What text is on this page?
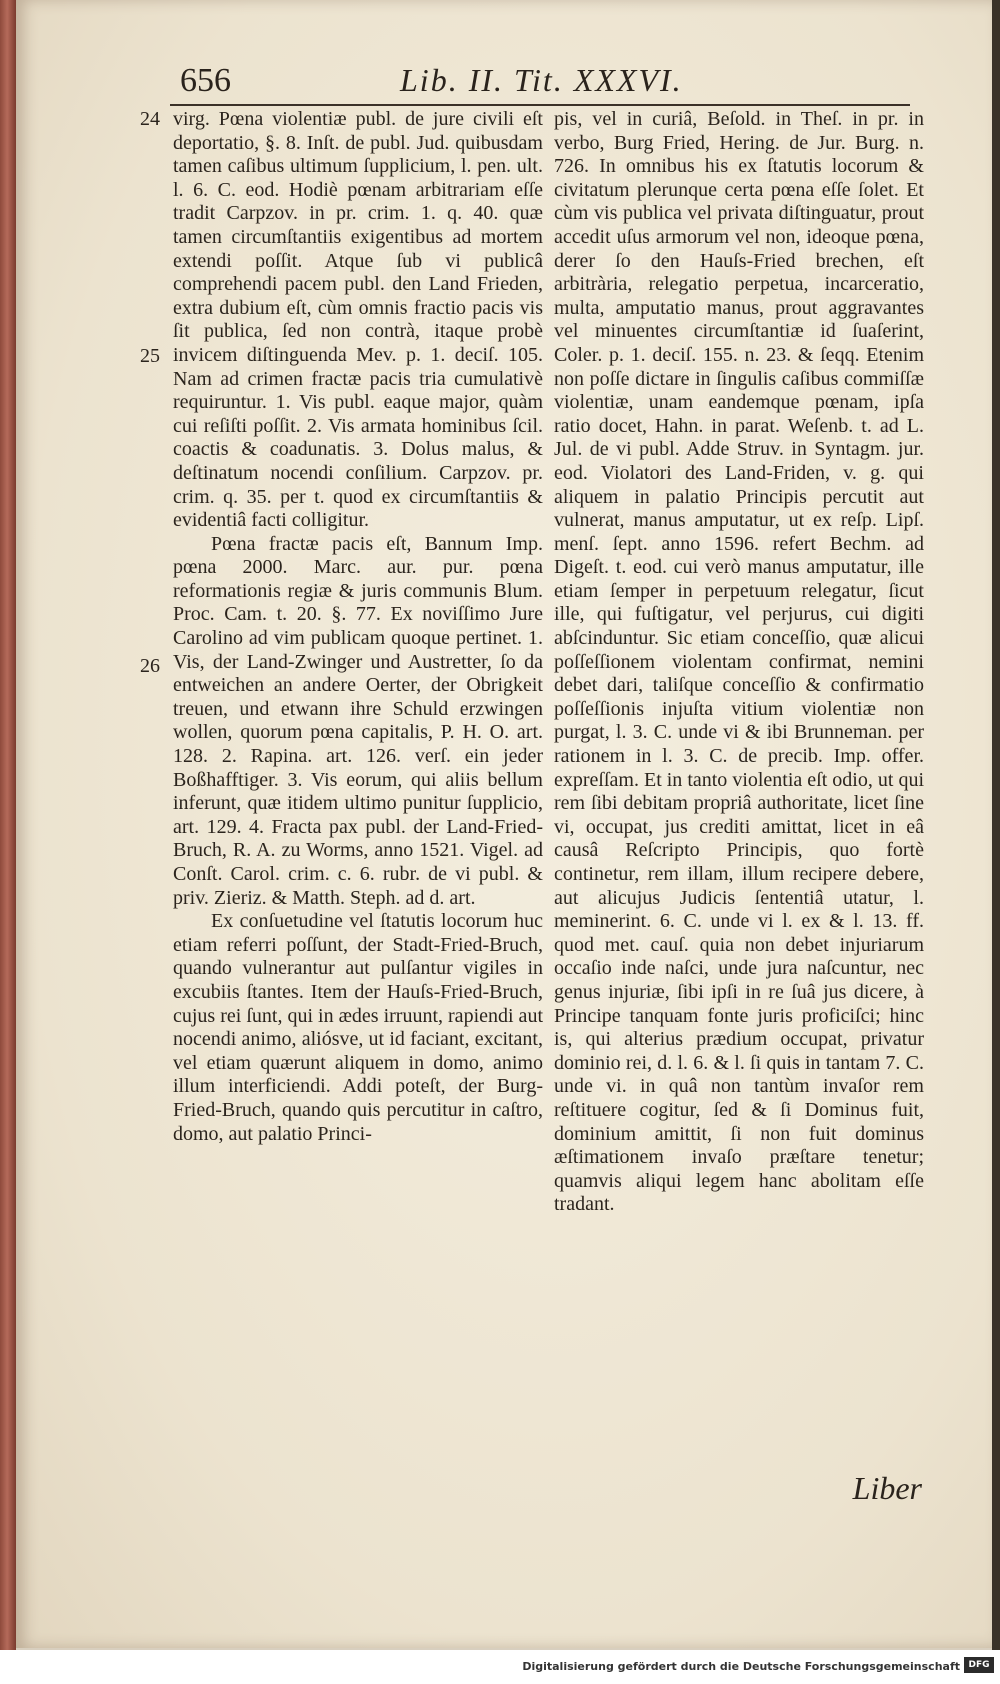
656	Lib. II. Tit. XXXVI.
24
25
26

virg. Pœna violentiæ publ. de jure civili eſt deportatio, §. 8. Inſt. de publ. Jud. quibusdam tamen caſibus ultimum ſupplicium, l. pen. ult. l. 6. C. eod. Hodiè pœnam arbitrariam eſſe tradit Carpzov. in pr. crim. 1. q. 40. quæ tamen circumſtantiis exigentibus ad mortem extendi poſſit. Atque ſub vi publicâ comprehendi pacem publ. den Land Frieden, extra dubium eſt, cùm omnis fractio pacis vis ſit publica, ſed non contrà, itaque probè invicem diſtinguenda Mev. p. 1. deciſ. 105. Nam ad crimen fractæ pacis tria cumulativè requiruntur. 1. Vis publ. eaque major, quàm cui reſiſti poſſit. 2. Vis armata hominibus ſcil. coactis & coadunatis. 3. Dolus malus, & deſtinatum nocendi conſilium. Carpzov. pr. crim. q. 35. per t. quod ex circumſtantiis & evidentiâ facti colligitur.

Pœna fractæ pacis eſt, Bannum Imp. pœna 2000. Marc. aur. pur. pœna reformationis regiæ & juris communis Blum. Proc. Cam. t. 20. §. 77. Ex noviſſimo Jure Carolino ad vim publicam quoque pertinet. 1. Vis, der Land-Zwinger und Austretter, ſo da entweichen an andere Oerter, der Obrigkeit treuen, und etwann ihre Schuld erzwingen wollen, quorum pœna capitalis, P. H. O. art. 128. 2. Rapina. art. 126. verſ. ein jeder Boßhafftiger. 3. Vis eorum, qui aliis bellum inferunt, quæ itidem ultimo punitur ſupplicio, art. 129. 4. Fracta pax publ. der Land-Fried-Bruch, R. A. zu Worms, anno 1521. Vigel. ad Conſt. Carol. crim. c. 6. rubr. de vi publ. & priv. Zieriz. & Matth. Steph. ad d. art.

Ex conſuetudine vel ſtatutis locorum huc etiam referri poſſunt, der Stadt-Fried-Bruch, quando vulnerantur aut pulſantur vigiles in excubiis ſtantes. Item der Hauſs-Fried-Bruch, cujus rei ſunt, qui in ædes irruunt, rapiendi aut nocendi animo, aliósve, ut id faciant, excitant, vel etiam quærunt aliquem in domo, animo illum interficiendi. Addi poteſt, der Burg-Fried-Bruch, quando quis percutitur in caſtro, domo, aut palatio Princi-

pis, vel in curiâ, Beſold. in Theſ. in pr. in verbo, Burg Fried, Hering. de Jur. Burg. n. 726. In omnibus his ex ſtatutis locorum & civitatum plerunque certa pœna eſſe ſolet. Et cùm vis publica vel privata diſtinguatur, prout accedit uſus armorum vel non, ideoque pœna, derer ſo den Hauſs-Fried brechen, eſt arbitrària, relegatio perpetua, incarceratio, multa, amputatio manus, prout aggravantes vel minuentes circumſtantiæ id ſuaſerint, Coler. p. 1. deciſ. 155. n. 23. & ſeqq. Etenim non poſſe dictare in ſingulis caſibus commiſſæ violentiæ, unam eandemque pœnam, ipſa ratio docet, Hahn. in parat. Weſenb. t. ad L. Jul. de vi publ. Adde Struv. in Syntagm. jur. eod. Violatori des Land-Friden, v. g. qui aliquem in palatio Principis percutit aut vulnerat, manus amputatur, ut ex reſp. Lipſ. menſ. ſept. anno 1596. refert Bechm. ad Digeſt. t. eod. cui verò manus amputatur, ille etiam ſemper in perpetuum relegatur, ſicut ille, qui fuſtigatur, vel perjurus, cui digiti abſcinduntur. Sic etiam conceſſio, quæ alicui poſſeſſionem violentam confirmat, nemini debet dari, taliſque conceſſio & confirmatio poſſeſſionis injuſta vitium violentiæ non purgat, l. 3. C. unde vi & ibi Brunneman. per rationem in l. 3. C. de precib. Imp. offer. expreſſam. Et in tanto violentia eſt odio, ut qui rem ſibi debitam propriâ authoritate, licet ſine vi, occupat, jus crediti amittat, licet in eâ causâ Reſcripto Principis, quo fortè continetur, rem illam, illum recipere debere, aut alicujus Judicis ſententiâ utatur, l. meminerint. 6. C. unde vi l. ex & l. 13. ff. quod met. cauſ. quia non debet injuriarum occaſio inde naſci, unde jura naſcuntur, nec genus injuriæ, ſibi ipſi in re ſuâ jus dicere, à Principe tanquam fonte juris proficiſci; hinc is, qui alterius prædium occupat, privatur dominio rei, d. l. 6. & l. ſi quis in tantam 7. C. unde vi. in quâ non tantùm invaſor rem reſtituere cogitur, ſed & ſi Dominus fuit, dominium amittit, ſi non fuit dominus æſtimationem invaſo præſtare tenetur; quamvis aliqui legem hanc abolitam eſſe tradant.

Liber
Digitalisierung gefördert durch die Deutsche Forschungsgemeinschaft DFG
